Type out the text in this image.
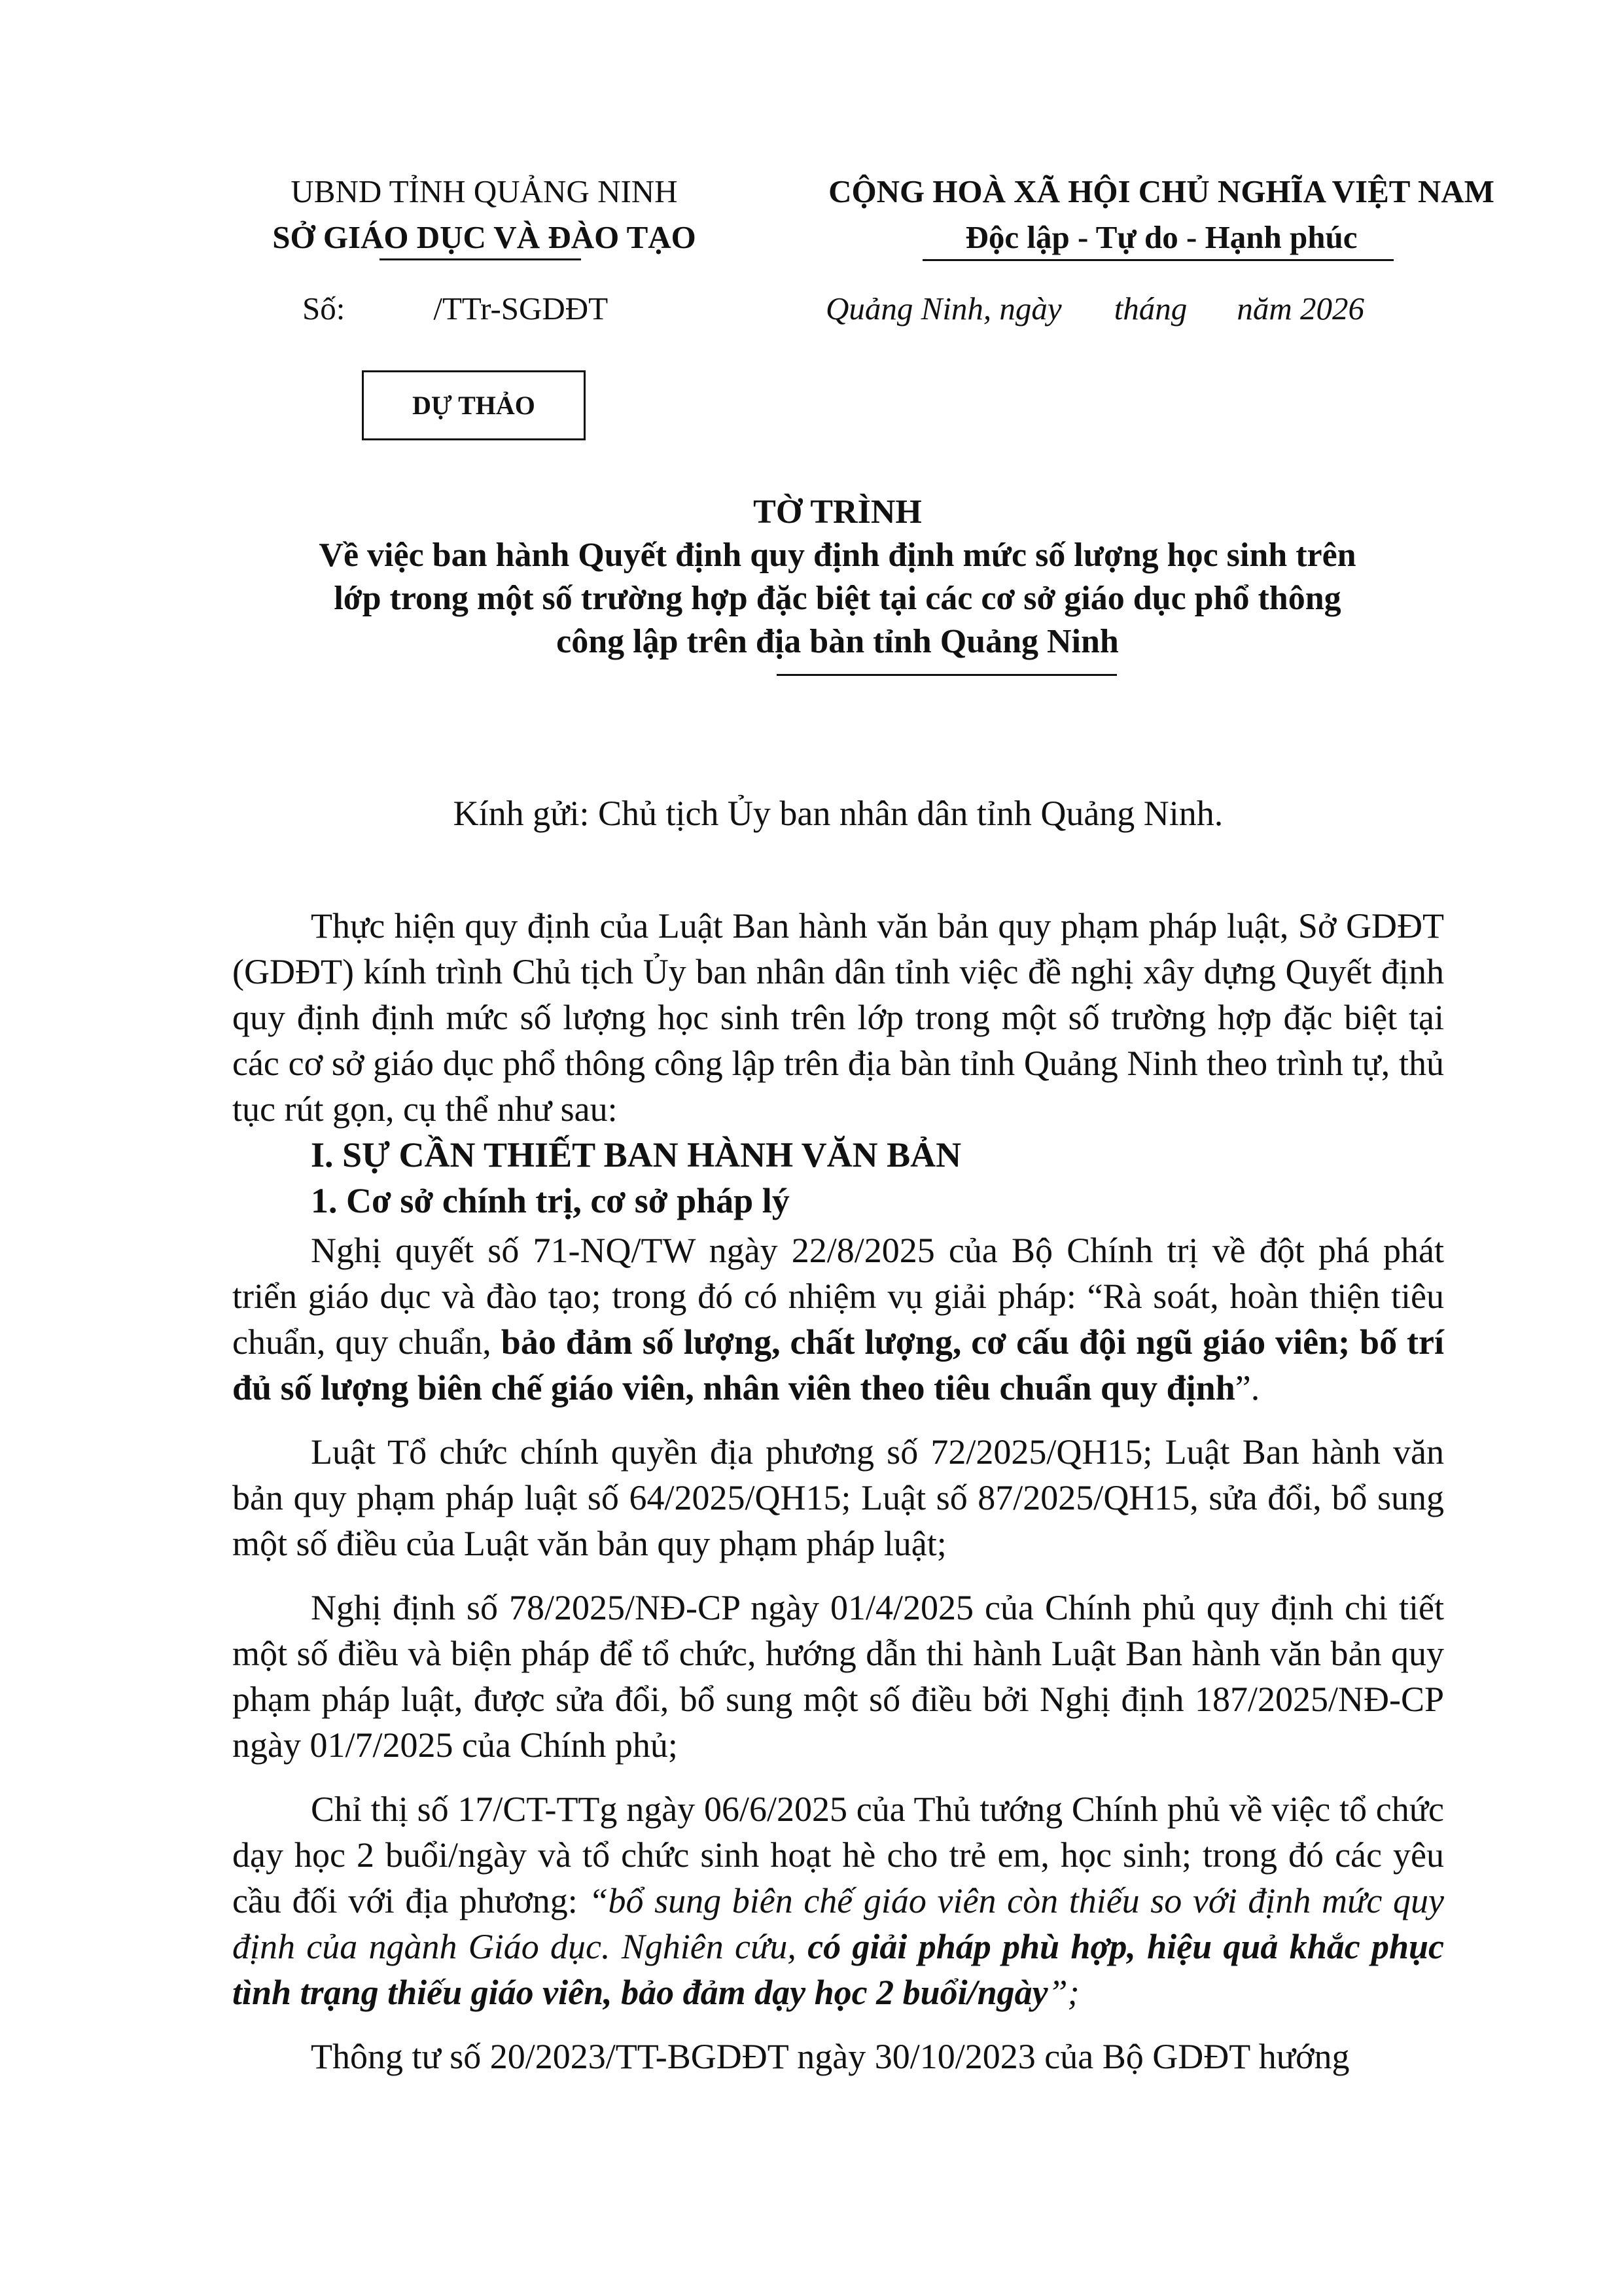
UBND TỈNH QUẢNG NINH
SỞ GIÁO DỤC VÀ ĐÀO TẠO
CỘNG HOÀ XÃ HỘI CHỦ NGHĨA VIỆT NAM
Độc lập - Tự do - Hạnh phúc
Số:	/TTr-SGDĐT	Quảng Ninh, ngày tháng năm 2026
DỰ THẢO
TỜ TRÌNH
Về việc ban hành Quyết định quy định định mức số lượng học sinh trên
lớp trong một số trường hợp đặc biệt tại các cơ sở giáo dục phổ thông
công lập trên địa bàn tỉnh Quảng Ninh
Kính gửi: Chủ tịch Ủy ban nhân dân tỉnh Quảng Ninh.

Thực hiện quy định của Luật Ban hành văn bản quy phạm pháp luật, Sở GDĐT (GDĐT) kính trình Chủ tịch Ủy ban nhân dân tỉnh việc đề nghị xây dựng Quyết định quy định định mức số lượng học sinh trên lớp trong một số trường hợp đặc biệt tại các cơ sở giáo dục phổ thông công lập trên địa bàn tỉnh Quảng Ninh theo trình tự, thủ tục rút gọn, cụ thể như sau:

I. SỰ CẦN THIẾT BAN HÀNH VĂN BẢN

1. Cơ sở chính trị, cơ sở pháp lý

Nghị quyết số 71-NQ/TW ngày 22/8/2025 của Bộ Chính trị về đột phá phát triển giáo dục và đào tạo; trong đó có nhiệm vụ giải pháp: “Rà soát, hoàn thiện tiêu chuẩn, quy chuẩn, bảo đảm số lượng, chất lượng, cơ cấu đội ngũ giáo viên; bố trí đủ số lượng biên chế giáo viên, nhân viên theo tiêu chuẩn quy định”.

Luật Tổ chức chính quyền địa phương số 72/2025/QH15; Luật Ban hành văn bản quy phạm pháp luật số 64/2025/QH15; Luật số 87/2025/QH15, sửa đổi, bổ sung một số điều của Luật văn bản quy phạm pháp luật;

Nghị định số 78/2025/NĐ-CP ngày 01/4/2025 của Chính phủ quy định chi tiết một số điều và biện pháp để tổ chức, hướng dẫn thi hành Luật Ban hành văn bản quy phạm pháp luật, được sửa đổi, bổ sung một số điều bởi Nghị định 187/2025/NĐ-CP ngày 01/7/2025 của Chính phủ;

Chỉ thị số 17/CT-TTg ngày 06/6/2025 của Thủ tướng Chính phủ về việc tổ chức dạy học 2 buổi/ngày và tổ chức sinh hoạt hè cho trẻ em, học sinh; trong đó các yêu cầu đối với địa phương: “bổ sung biên chế giáo viên còn thiếu so với định mức quy định của ngành Giáo dục. Nghiên cứu, có giải pháp phù hợp, hiệu quả khắc phục tình trạng thiếu giáo viên, bảo đảm dạy học 2 buổi/ngày”;

Thông tư số 20/2023/TT-BGDĐT ngày 30/10/2023 của Bộ GDĐT hướng
